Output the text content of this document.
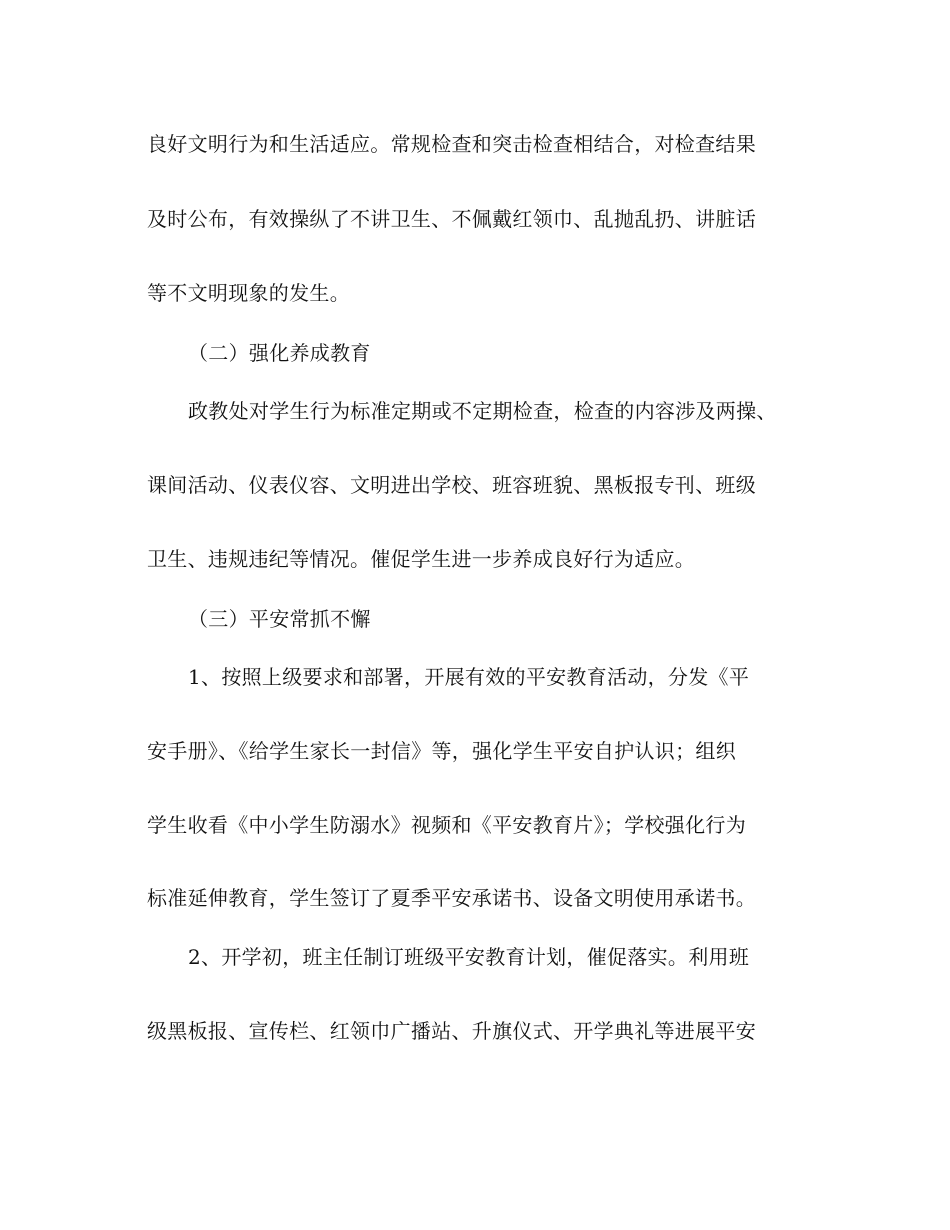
良好文明行为和生活适应。常规检查和突击检查相结合，对检查结果
及时公布，有效操纵了不讲卫生、不佩戴红领巾、乱抛乱扔、讲脏话
等不文明现象的发生。
（二）强化养成教育
政教处对学生行为标准定期或不定期检查，检查的内容涉及两操、
课间活动、仪表仪容、文明进出学校、班容班貌、黑板报专刊、班级
卫生、违规违纪等情况。催促学生进一步养成良好行为适应。
（三）平安常抓不懈
1、按照上级要求和部署，开展有效的平安教育活动，分发《平
安手册》、《给学生家长一封信》等，强化学生平安自护认识；组织
学生收看《中小学生防溺水》视频和《平安教育片》；学校强化行为
标准延伸教育，学生签订了夏季平安承诺书、设备文明使用承诺书。
2、开学初，班主任制订班级平安教育计划，催促落实。利用班
级黑板报、宣传栏、红领巾广播站、升旗仪式、开学典礼等进展平安
